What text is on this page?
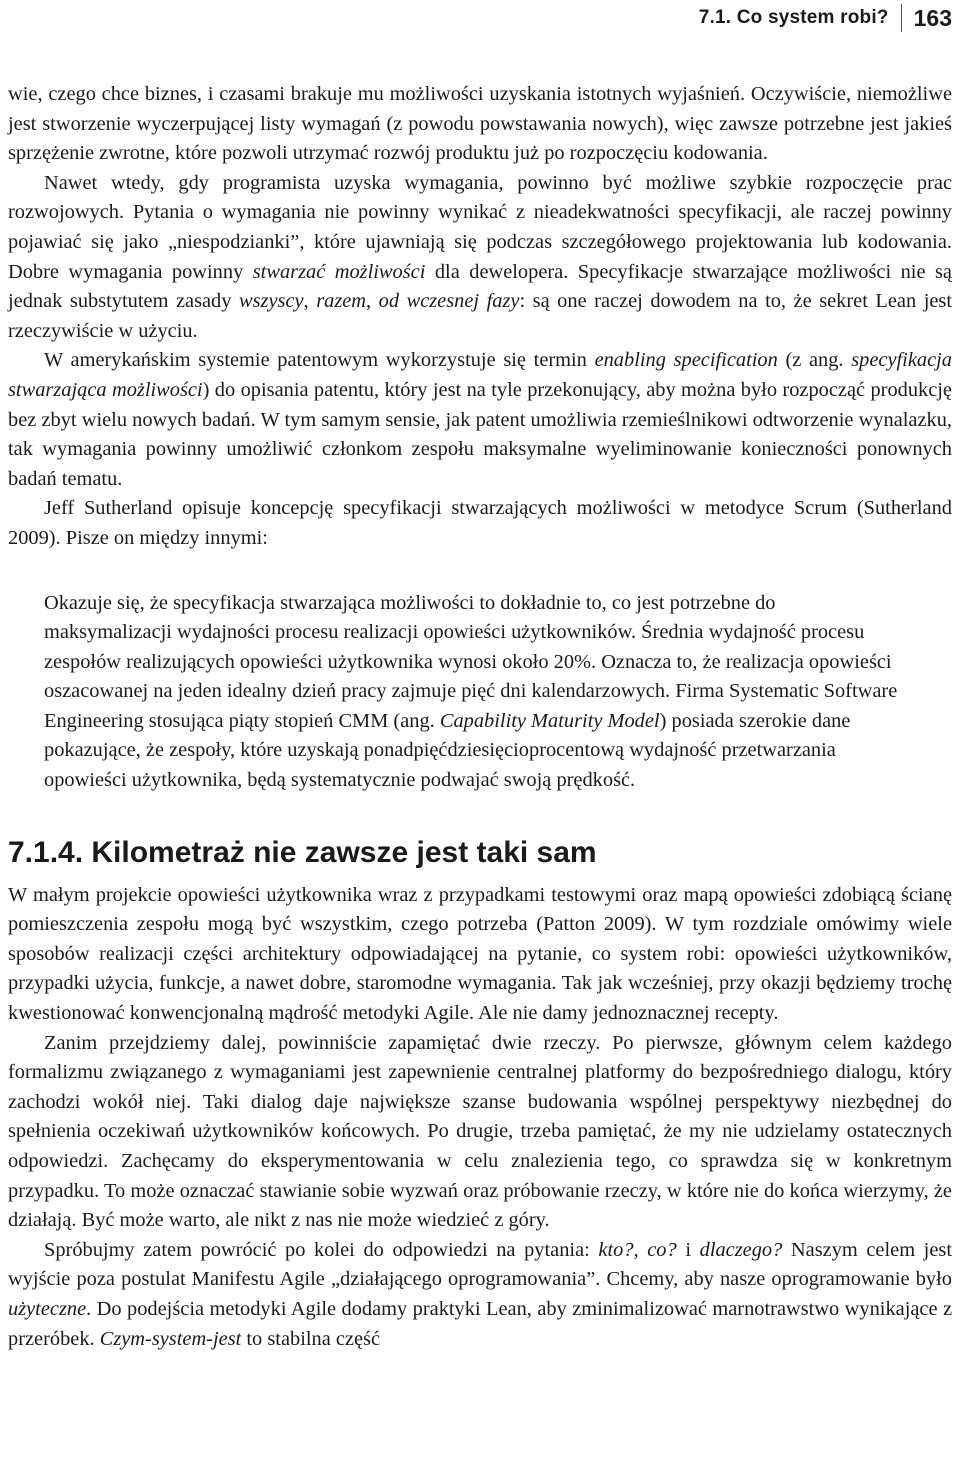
7.1. Co system robi? 163

wie, czego chce biznes, i czasami brakuje mu możliwości uzyskania istotnych wyjaśnień. Oczywiście, niemożliwe jest stworzenie wyczerpującej listy wymagań (z powodu powstawania nowych), więc zawsze potrzebne jest jakieś sprzężenie zwrotne, które pozwoli utrzymać rozwój produktu już po rozpoczęciu kodowania.

Nawet wtedy, gdy programista uzyska wymagania, powinno być możliwe szybkie rozpoczęcie prac rozwojowych. Pytania o wymagania nie powinny wynikać z nieadekwatności specyfikacji, ale raczej powinny pojawiać się jako „niespodzianki”, które ujawniają się podczas szczegółowego projektowania lub kodowania. Dobre wymagania powinny stwarzać możliwości dla dewelopera. Specyfikacje stwarzające możliwości nie są jednak substytutem zasady wszyscy, razem, od wczesnej fazy: są one raczej dowodem na to, że sekret Lean jest rzeczywiście w użyciu.

W amerykańskim systemie patentowym wykorzystuje się termin enabling specification (z ang. specyfikacja stwarzająca możliwości) do opisania patentu, który jest na tyle przekonujący, aby można było rozpocząć produkcję bez zbyt wielu nowych badań. W tym samym sensie, jak patent umożliwia rzemieślnikowi odtworzenie wynalazku, tak wymagania powinny umożliwić członkom zespołu maksymalne wyeliminowanie konieczności ponownych badań tematu.

Jeff Sutherland opisuje koncepcję specyfikacji stwarzających możliwości w metodyce Scrum (Sutherland 2009). Pisze on między innymi:

Okazuje się, że specyfikacja stwarzająca możliwości to dokładnie to, co jest potrzebne do maksymalizacji wydajności procesu realizacji opowieści użytkowników. Średnia wydajność procesu zespołów realizujących opowieści użytkownika wynosi około 20%. Oznacza to, że realizacja opowieści oszacowanej na jeden idealny dzień pracy zajmuje pięć dni kalendarzowych. Firma Systematic Software Engineering stosująca piąty stopień CMM (ang. Capability Maturity Model) posiada szerokie dane pokazujące, że zespoły, które uzyskają ponadpięćdziesięcioprocentową wydajność przetwarzania opowieści użytkownika, będą systematycznie podwajać swoją prędkość.

7.1.4. Kilometraż nie zawsze jest taki sam

W małym projekcie opowieści użytkownika wraz z przypadkami testowymi oraz mapą opowieści zdobiącą ścianę pomieszczenia zespołu mogą być wszystkim, czego potrzeba (Patton 2009). W tym rozdziale omówimy wiele sposobów realizacji części architektury odpowiadającej na pytanie, co system robi: opowieści użytkowników, przypadki użycia, funkcje, a nawet dobre, staromodne wymagania. Tak jak wcześniej, przy okazji będziemy trochę kwestionować konwencjonalną mądrość metodyki Agile. Ale nie damy jednoznacznej recepty.

Zanim przejdziemy dalej, powinniście zapamiętać dwie rzeczy. Po pierwsze, głównym celem każdego formalizmu związanego z wymaganiami jest zapewnienie centralnej platformy do bezpośredniego dialogu, który zachodzi wokół niej. Taki dialog daje największe szanse budowania wspólnej perspektywy niezbędnej do spełnienia oczekiwań użytkowników końcowych. Po drugie, trzeba pamiętać, że my nie udzielamy ostatecznych odpowiedzi. Zachęcamy do eksperymentowania w celu znalezienia tego, co sprawdza się w konkretnym przypadku. To może oznaczać stawianie sobie wyzwań oraz próbowanie rzeczy, w które nie do końca wierzymy, że działają. Być może warto, ale nikt z nas nie może wiedzieć z góry.

Spróbujmy zatem powrócić po kolei do odpowiedzi na pytania: kto?, co? i dlaczego? Naszym celem jest wyjście poza postulat Manifestu Agile „działającego oprogramowania”. Chcemy, aby nasze oprogramowanie było użyteczne. Do podejścia metodyki Agile dodamy praktyki Lean, aby zminimalizować marnotrawstwo wynikające z przeróbek. Czym-system-jest to stabilna część
